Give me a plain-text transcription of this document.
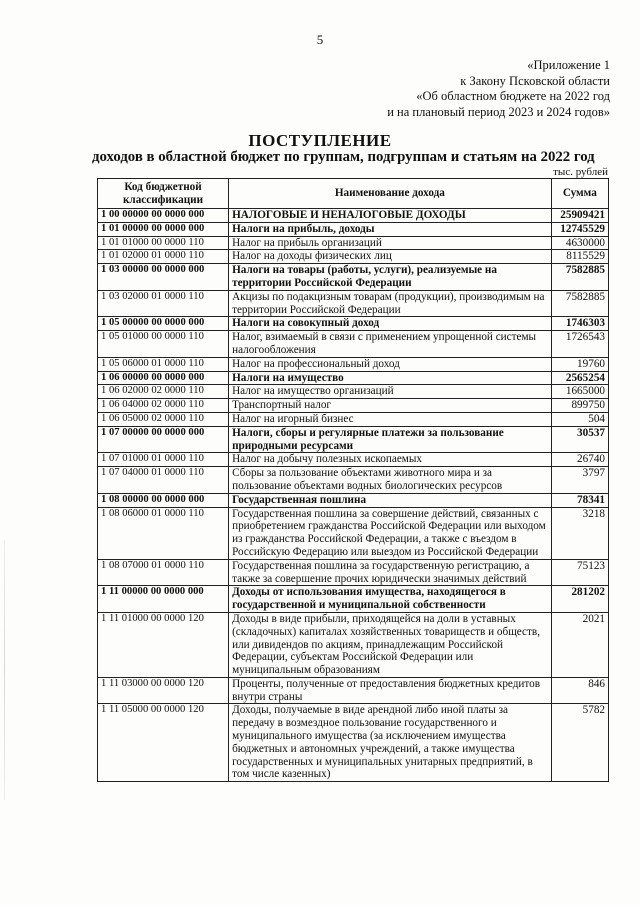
5
«Приложение 1
к Закону Псковской области
«Об областном бюджете на 2022 год
и на плановый период 2023 и 2024 годов»
ПОСТУПЛЕНИЕ
доходов в областной бюджет по группам, подгруппам и статьям на 2022 год
тыс. рублей
Код бюджетной классификации	Наименование дохода	Сумма
1 00 00000 00 0000 000	НАЛОГОВЫЕ И НЕНАЛОГОВЫЕ ДОХОДЫ	25909421
1 01 00000 00 0000 000	Налоги на прибыль, доходы	12745529
1 01 01000 00 0000 110	Налог на прибыль организаций	4630000
1 01 02000 01 0000 110	Налог на доходы физических лиц	8115529
1 03 00000 00 0000 000	Налоги на товары (работы, услуги), реализуемые на территории Российской Федерации	7582885
1 03 02000 01 0000 110	Акцизы по подакцизным товарам (продукции), производимым на территории Российской Федерации	7582885
1 05 00000 00 0000 000	Налоги на совокупный доход	1746303
1 05 01000 00 0000 110	Налог, взимаемый в связи с применением упрощенной системы налогообложения	1726543
1 05 06000 01 0000 110	Налог на профессиональный доход	19760
1 06 00000 00 0000 000	Налоги на имущество	2565254
1 06 02000 02 0000 110	Налог на имущество организаций	1665000
1 06 04000 02 0000 110	Транспортный налог	899750
1 06 05000 02 0000 110	Налог на игорный бизнес	504
1 07 00000 00 0000 000	Налоги, сборы и регулярные платежи за пользование природными ресурсами	30537
1 07 01000 01 0000 110	Налог на добычу полезных ископаемых	26740
1 07 04000 01 0000 110	Сборы за пользование объектами животного мира и за пользование объектами водных биологических ресурсов	3797
1 08 00000 00 0000 000	Государственная пошлина	78341
1 08 06000 01 0000 110	Государственная пошлина за совершение действий, связанных с приобретением гражданства Российской Федерации или выходом из гражданства Российской Федерации, а также с въездом в Российскую Федерацию или выездом из Российской Федерации	3218
1 08 07000 01 0000 110	Государственная пошлина за государственную регистрацию, а также за совершение прочих юридически значимых действий	75123
1 11 00000 00 0000 000	Доходы от использования имущества, находящегося в государственной и муниципальной собственности	281202
1 11 01000 00 0000 120	Доходы в виде прибыли, приходящейся на доли в уставных (складочных) капиталах хозяйственных товариществ и обществ, или дивидендов по акциям, принадлежащим Российской Федерации, субъектам Российской Федерации или муниципальным образованиям	2021
1 11 03000 00 0000 120	Проценты, полученные от предоставления бюджетных кредитов внутри страны	846
1 11 05000 00 0000 120	Доходы, получаемые в виде арендной либо иной платы за передачу в возмездное пользование государственного и муниципального имущества (за исключением имущества бюджетных и автономных учреждений, а также имущества государственных и муниципальных унитарных предприятий, в том числе казенных)	5782
